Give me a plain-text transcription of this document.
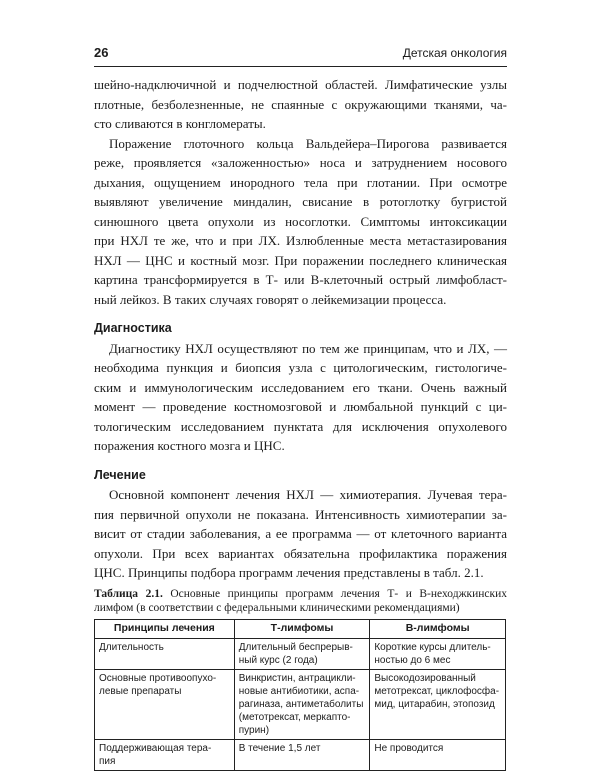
26	Детская онкология
шейно-надключичной и подчелюстной областей. Лимфатические узлы
плотные, безболезненные, не спаянные с окружающими тканями, ча-
сто сливаются в конгломераты.
Поражение глоточного кольца Вальдейера–Пирогова развивается
реже, проявляется «заложенностью» носа и затруднением носового
дыхания, ощущением инородного тела при глотании. При осмотре
выявляют увеличение миндалин, свисание в ротоглотку бугристой
синюшного цвета опухоли из носоглотки. Симптомы интоксикации
при НХЛ те же, что и при ЛХ. Излюбленные места метастазирования
НХЛ — ЦНС и костный мозг. При поражении последнего клиническая
картина трансформируется в Т- или В-клеточный острый лимфобласт-
ный лейкоз. В таких случаях говорят о лейкемизации процесса.
Диагностика
Диагностику НХЛ осуществляют по тем же принципам, что и ЛХ, —
необходима пункция и биопсия узла с цитологическим, гистологиче-
ским и иммунологическим исследованием его ткани. Очень важный
момент — проведение костномозговой и люмбальной пункций с ци-
тологическим исследованием пунктата для исключения опухолевого
поражения костного мозга и ЦНС.
Лечение
Основной компонент лечения НХЛ — химиотерапия. Лучевая тера-
пия первичной опухоли не показана. Интенсивность химиотерапии за-
висит от стадии заболевания, а ее программа — от клеточного варианта
опухоли. При всех вариантах обязательна профилактика поражения
ЦНС. Принципы подбора программ лечения представлены в табл. 2.1.
Таблица 2.1. Основные принципы программ лечения Т- и В-неходжкинских
лимфом (в соответствии с федеральными клиническими рекомендациями)
Принципы лечения	Т-лимфомы	В-лимфомы

Длительность	Длительный беспрерыв-
ный курс (2 года)	Короткие курсы длитель-
ностью до 6 мес

Основные противоопухо-
левые препараты	Винкристин, антрацикли-
новые антибиотики, аспа-
рагиназа, антиметаболиты
(метотрексат, меркапто-
пурин)	Высокодозированный
метотрексат, циклофосфа-
мид, цитарабин, этопозид

Поддерживающая тера-
пия	В течение 1,5 лет	Не проводится
